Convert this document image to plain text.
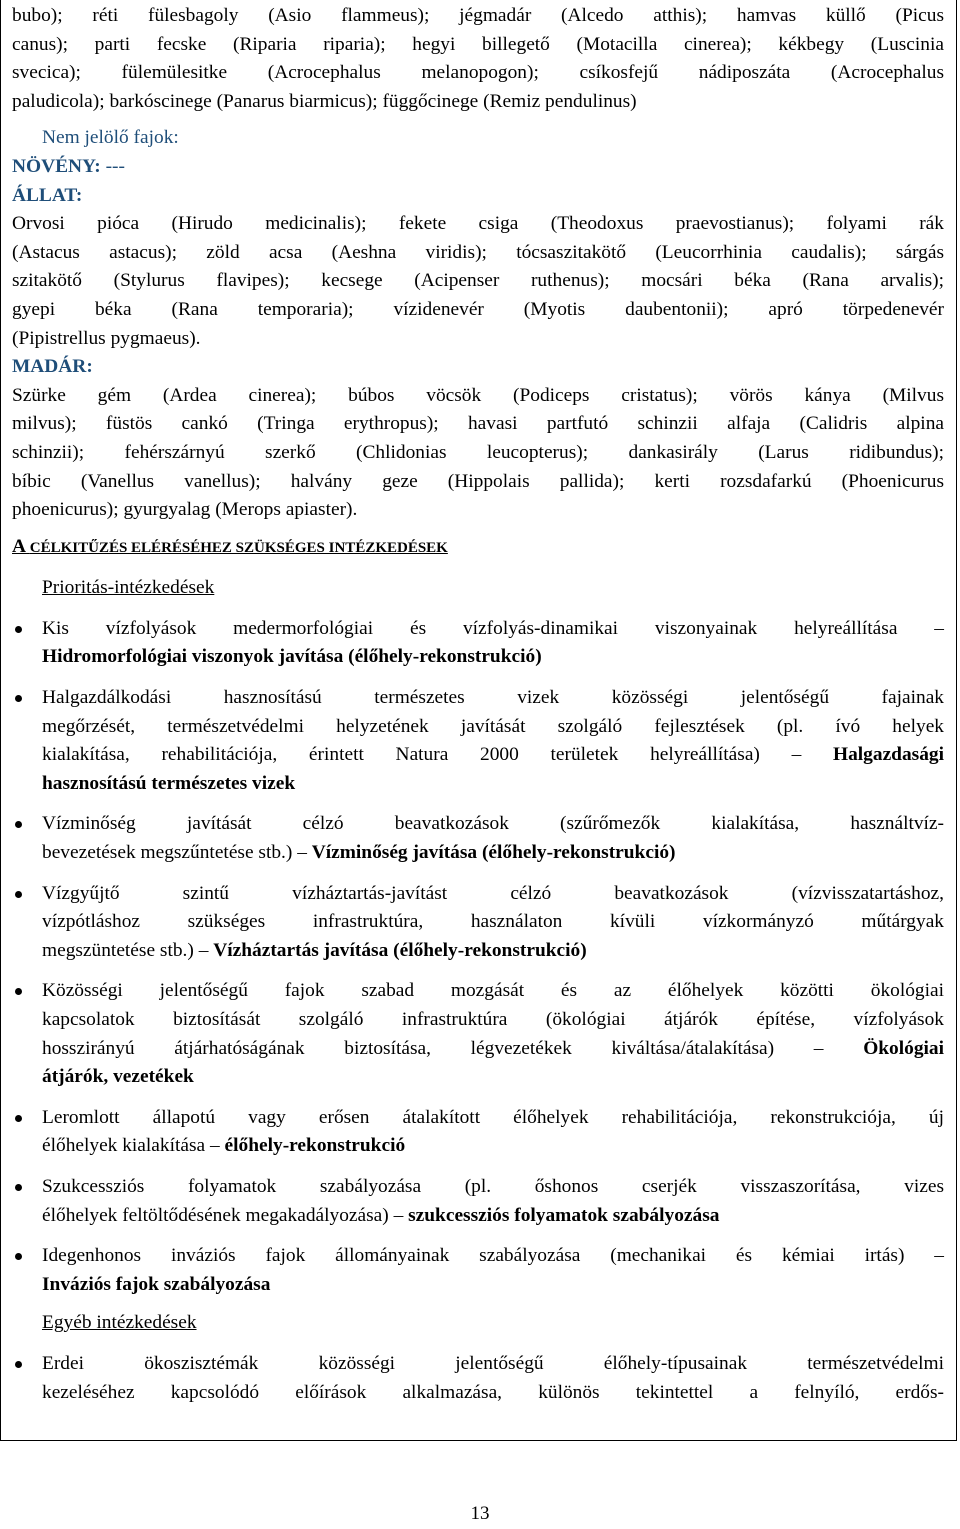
bubo); réti fülesbagoly (Asio flammeus); jégmadár (Alcedo atthis); hamvas küllő (Picus
canus); parti fecske (Riparia riparia); hegyi billegető (Motacilla cinerea); kékbegy (Luscinia
svecica); fülemülesitke (Acrocephalus melanopogon); csíkosfejű nádiposzáta (Acrocephalus
paludicola); barkóscinege (Panarus biarmicus); függőcinege (Remiz pendulinus)

Nem jelölő fajok:

NÖVÉNY: ---

ÁLLAT:

Orvosi pióca (Hirudo medicinalis); fekete csiga (Theodoxus praevostianus); folyami rák
(Astacus astacus); zöld acsa (Aeshna viridis); tócsaszitakötő (Leucorrhinia caudalis); sárgás
szitakötő (Stylurus flavipes); kecsege (Acipenser ruthenus); mocsári béka (Rana arvalis);
gyepi béka (Rana temporaria); vízidenevér (Myotis daubentonii); apró törpedenevér
(Pipistrellus pygmaeus).

MADÁR:

Szürke gém (Ardea cinerea); búbos vöcsök (Podiceps cristatus); vörös kánya (Milvus
milvus); füstös cankó (Tringa erythropus); havasi partfutó schinzii alfaja (Calidris alpina
schinzii); fehérszárnyú szerkő (Chlidonias leucopterus); dankasirály (Larus ridibundus);
bíbic (Vanellus vanellus); halvány geze (Hippolais pallida); kerti rozsdafarkú (Phoenicurus
phoenicurus); gyurgyalag (Merops apiaster).

A CÉLKITŰZÉS ELÉRÉSÉHEZ SZÜKSÉGES INTÉZKEDÉSEK

Prioritás-intézkedések

Kis vízfolyások medermorfológiai és vízfolyás-dinamikai viszonyainak helyreállítása –
Hidromorfológiai viszonyok javítása (élőhely-rekonstrukció)
Halgazdálkodási hasznosítású természetes vizek közösségi jelentőségű fajainak
megőrzését, természetvédelmi helyzetének javítását szolgáló fejlesztések (pl. ívó helyek
kialakítása, rehabilitációja, érintett Natura 2000 területek helyreállítása) – Halgazdasági
hasznosítású természetes vizek
Vízminőség javítását célzó beavatkozások (szűrőmezők kialakítása, használtvíz-
bevezetések megszűntetése stb.) – Vízminőség javítása (élőhely-rekonstrukció)
Vízgyűjtő szintű vízháztartás-javítást célzó beavatkozások (vízvisszatartáshoz,
vízpótláshoz szükséges infrastruktúra, használaton kívüli vízkormányzó műtárgyak
megszüntetése stb.) – Vízháztartás javítása (élőhely-rekonstrukció)
Közösségi jelentőségű fajok szabad mozgását és az élőhelyek közötti ökológiai
kapcsolatok biztosítását szolgáló infrastruktúra (ökológiai átjárók építése, vízfolyások
hosszirányú átjárhatóságának biztosítása, légvezetékek kiváltása/átalakítása) – Ökológiai
átjárók, vezetékek
Leromlott állapotú vagy erősen átalakított élőhelyek rehabilitációja, rekonstrukciója, új
élőhelyek kialakítása – élőhely-rekonstrukció
Szukcessziós folyamatok szabályozása (pl. őshonos cserjék visszaszorítása, vizes
élőhelyek feltöltődésének megakadályozása) – szukcessziós folyamatok szabályozása
Idegenhonos inváziós fajok állományainak szabályozása (mechanikai és kémiai irtás) –
Inváziós fajok szabályozása

Egyéb intézkedések

Erdei ökoszisztémák közösségi jelentőségű élőhely-típusainak természetvédelmi
kezeléséhez kapcsolódó előírások alkalmazása, különös tekintettel a felnyíló, erdős-
13
